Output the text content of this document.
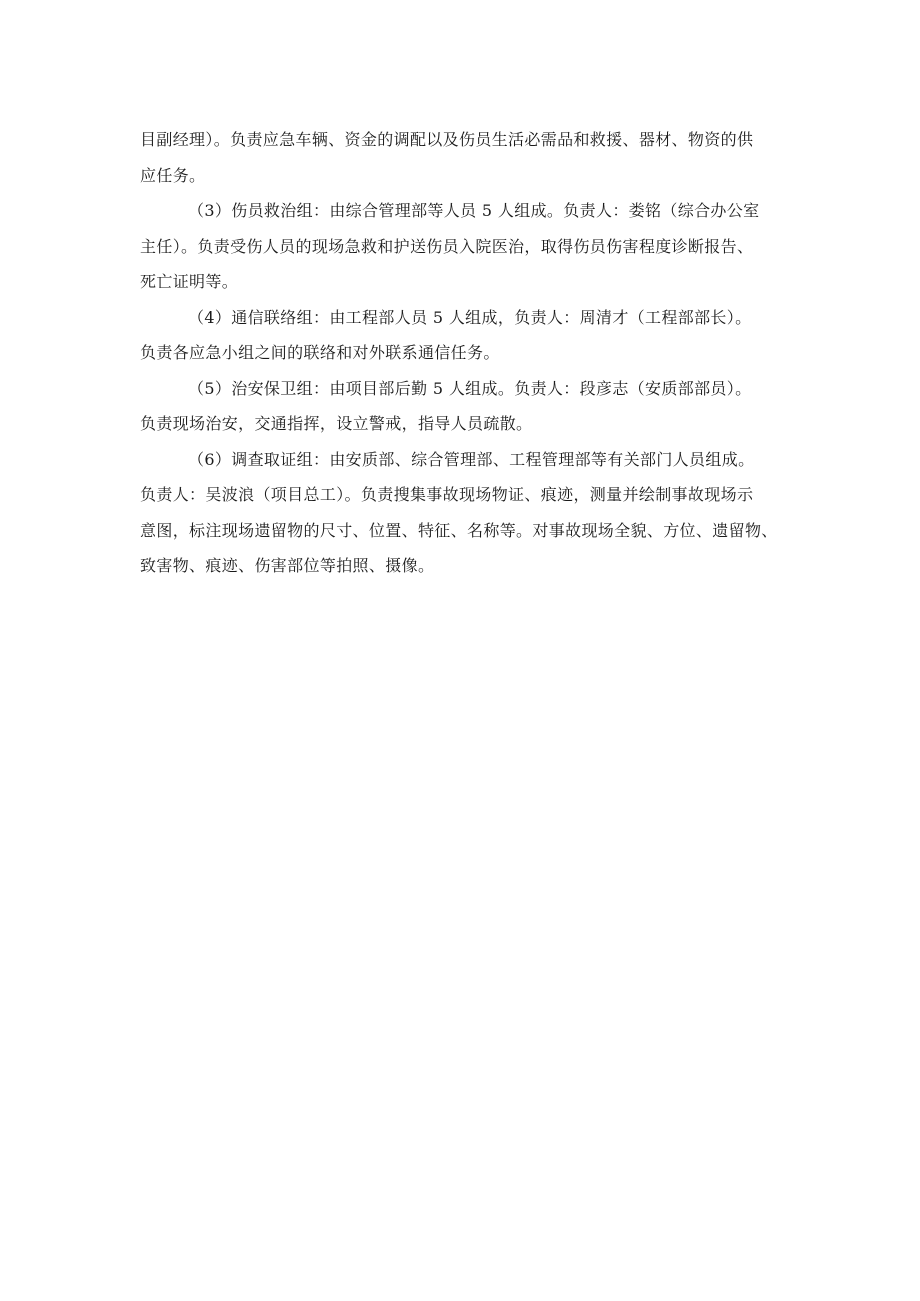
目副经理）。负责应急车辆、资金的调配以及伤员生活必需品和救援、器材、物资的供
应任务。
（3）伤员救治组：由综合管理部等人员 5 人组成。负责人：娄铭（综合办公室
主任）。负责受伤人员的现场急救和护送伤员入院医治，取得伤员伤害程度诊断报告、
死亡证明等。
（4）通信联络组：由工程部人员 5 人组成，负责人：周清才（工程部部长）。
负责各应急小组之间的联络和对外联系通信任务。
（5）治安保卫组：由项目部后勤 5 人组成。负责人：段彦志（安质部部员）。
负责现场治安，交通指挥，设立警戒，指导人员疏散。
（6）调查取证组：由安质部、综合管理部、工程管理部等有关部门人员组成。
负责人：吴波浪（项目总工）。负责搜集事故现场物证、痕迹，测量并绘制事故现场示
意图，标注现场遗留物的尺寸、位置、特征、名称等。对事故现场全貌、方位、遗留物、
致害物、痕迹、伤害部位等拍照、摄像。
